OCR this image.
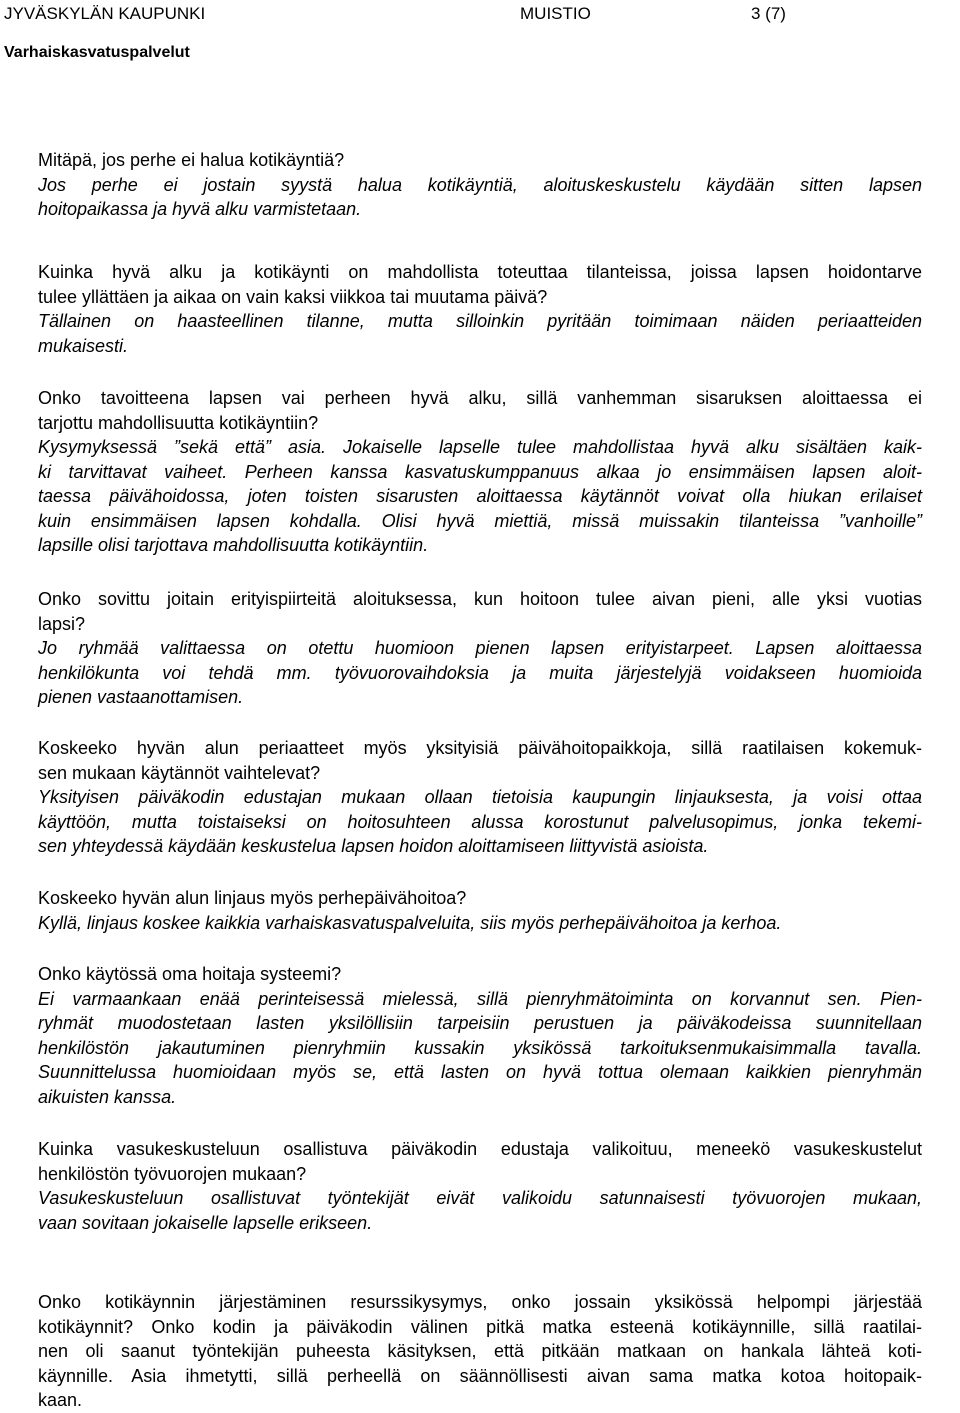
JYVÄSKYLÄN KAUPUNKI	MUISTIO	3 (7)
Varhaiskasvatuspalvelut
Mitäpä, jos perhe ei halua kotikäyntiä?
Jos perhe ei jostain syystä halua kotikäyntiä, aloituskeskustelu käydään sitten lapsen
hoitopaikassa ja hyvä alku varmistetaan.
Kuinka hyvä alku ja kotikäynti on mahdollista toteuttaa tilanteissa, joissa lapsen hoidontarve
tulee yllättäen ja aikaa on vain kaksi viikkoa tai muutama päivä?
Tällainen on haasteellinen tilanne, mutta silloinkin pyritään toimimaan näiden periaatteiden
mukaisesti.
Onko tavoitteena lapsen vai perheen hyvä alku, sillä vanhemman sisaruksen aloittaessa ei
tarjottu mahdollisuutta kotikäyntiin?
Kysymyksessä ”sekä että” asia. Jokaiselle lapselle tulee mahdollistaa hyvä alku sisältäen kaik-
ki tarvittavat vaiheet. Perheen kanssa kasvatuskumppanuus alkaa jo ensimmäisen lapsen aloit-
taessa päivähoidossa, joten toisten sisarusten aloittaessa käytännöt voivat olla hiukan erilaiset
kuin ensimmäisen lapsen kohdalla. Olisi hyvä miettiä, missä muissakin tilanteissa ”vanhoille”
lapsille olisi tarjottava mahdollisuutta kotikäyntiin.
Onko sovittu joitain erityispiirteitä aloituksessa, kun hoitoon tulee aivan pieni, alle yksi vuotias
lapsi?
Jo ryhmää valittaessa on otettu huomioon pienen lapsen erityistarpeet. Lapsen aloittaessa
henkilökunta voi tehdä mm. työvuorovaihdoksia ja muita järjestelyjä voidakseen huomioida
pienen vastaanottamisen.
Koskeeko hyvän alun periaatteet myös yksityisiä päivähoitopaikkoja, sillä raatilaisen kokemuk-
sen mukaan käytännöt vaihtelevat?
Yksityisen päiväkodin edustajan mukaan ollaan tietoisia kaupungin linjauksesta, ja voisi ottaa
käyttöön, mutta toistaiseksi on hoitosuhteen alussa korostunut palvelusopimus, jonka tekemi-
sen yhteydessä käydään keskustelua lapsen hoidon aloittamiseen liittyvistä asioista.
Koskeeko hyvän alun linjaus myös perhepäivähoitoa?
Kyllä, linjaus koskee kaikkia varhaiskasvatuspalveluita, siis myös perhepäivähoitoa ja kerhoa.
Onko käytössä oma hoitaja systeemi?
Ei varmaankaan enää perinteisessä mielessä, sillä pienryhmätoiminta on korvannut sen. Pien-
ryhmät muodostetaan lasten yksilöllisiin tarpeisiin perustuen ja päiväkodeissa suunnitellaan
henkilöstön jakautuminen pienryhmiin kussakin yksikössä tarkoituksenmukaisimmalla tavalla.
Suunnittelussa huomioidaan myös se, että lasten on hyvä tottua olemaan kaikkien pienryhmän
aikuisten kanssa.
Kuinka vasukeskusteluun osallistuva päiväkodin edustaja valikoituu, meneekö vasukeskustelut
henkilöstön työvuorojen mukaan?
Vasukeskusteluun osallistuvat työntekijät eivät valikoidu satunnaisesti työvuorojen mukaan,
vaan sovitaan jokaiselle lapselle erikseen.
Onko kotikäynnin järjestäminen resurssikysymys, onko jossain yksikössä helpompi järjestää
kotikäynnit? Onko kodin ja päiväkodin välinen pitkä matka esteenä kotikäynnille, sillä raatilai-
nen oli saanut työntekijän puheesta käsityksen, että pitkään matkaan on hankala lähteä koti-
käynnille. Asia ihmetytti, sillä perheellä on säännöllisesti aivan sama matka kotoa hoitopaik-
kaan.
